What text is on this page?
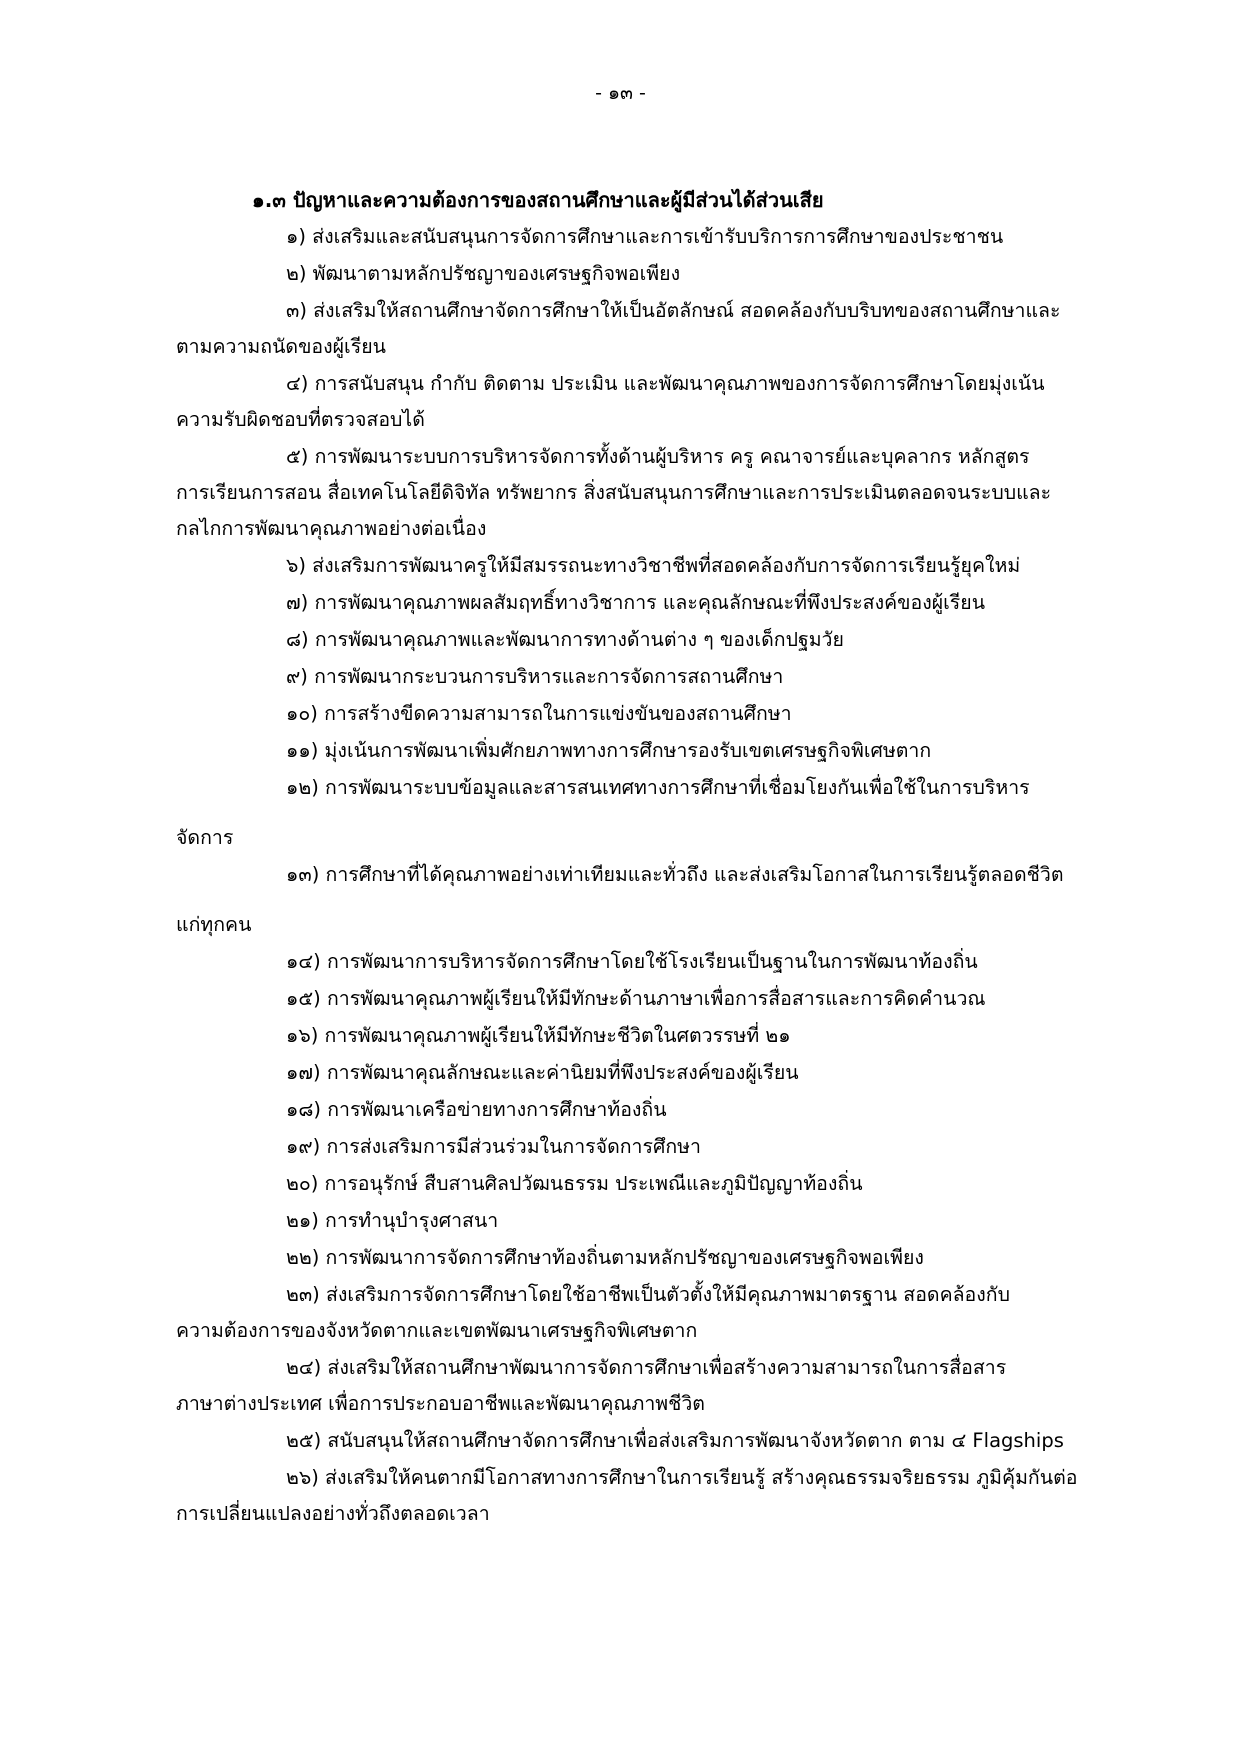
- ๑๓ -
๑.๓ ปัญหาและความต้องการของสถานศึกษาและผู้มีส่วนได้ส่วนเสีย
๑) ส่งเสริมและสนับสนุนการจัดการศึกษาและการเข้ารับบริการการศึกษาของประชาชน
๒) พัฒนาตามหลักปรัชญาของเศรษฐกิจพอเพียง
๓) ส่งเสริมให้สถานศึกษาจัดการศึกษาให้เป็นอัตลักษณ์ สอดคล้องกับบริบทของสถานศึกษาและ
ตามความถนัดของผู้เรียน
๔) การสนับสนุน กำกับ ติดตาม ประเมิน และพัฒนาคุณภาพของการจัดการศึกษาโดยมุ่งเน้น
ความรับผิดชอบที่ตรวจสอบได้
๕) การพัฒนาระบบการบริหารจัดการทั้งด้านผู้บริหาร ครู คณาจารย์และบุคลากร หลักสูตร
การเรียนการสอน สื่อเทคโนโลยีดิจิทัล ทรัพยากร สิ่งสนับสนุนการศึกษาและการประเมินตลอดจนระบบและ
กลไกการพัฒนาคุณภาพอย่างต่อเนื่อง
๖) ส่งเสริมการพัฒนาครูให้มีสมรรถนะทางวิชาชีพที่สอดคล้องกับการจัดการเรียนรู้ยุคใหม่
๗) การพัฒนาคุณภาพผลสัมฤทธิ์ทางวิชาการ และคุณลักษณะที่พึงประสงค์ของผู้เรียน
๘) การพัฒนาคุณภาพและพัฒนาการทางด้านต่าง ๆ ของเด็กปฐมวัย
๙) การพัฒนากระบวนการบริหารและการจัดการสถานศึกษา
๑๐) การสร้างขีดความสามารถในการแข่งขันของสถานศึกษา
๑๑) มุ่งเน้นการพัฒนาเพิ่มศักยภาพทางการศึกษารองรับเขตเศรษฐกิจพิเศษตาก
๑๒) การพัฒนาระบบข้อมูลและสารสนเทศทางการศึกษาที่เชื่อมโยงกันเพื่อใช้ในการบริหาร
จัดการ
๑๓) การศึกษาที่ได้คุณภาพอย่างเท่าเทียมและทั่วถึง และส่งเสริมโอกาสในการเรียนรู้ตลอดชีวิต
แก่ทุกคน
๑๔) การพัฒนาการบริหารจัดการศึกษาโดยใช้โรงเรียนเป็นฐานในการพัฒนาท้องถิ่น
๑๕) การพัฒนาคุณภาพผู้เรียนให้มีทักษะด้านภาษาเพื่อการสื่อสารและการคิดคำนวณ
๑๖) การพัฒนาคุณภาพผู้เรียนให้มีทักษะชีวิตในศตวรรษที่ ๒๑
๑๗) การพัฒนาคุณลักษณะและค่านิยมที่พึงประสงค์ของผู้เรียน
๑๘) การพัฒนาเครือข่ายทางการศึกษาท้องถิ่น
๑๙) การส่งเสริมการมีส่วนร่วมในการจัดการศึกษา
๒๐) การอนุรักษ์ สืบสานศิลปวัฒนธรรม ประเพณีและภูมิปัญญาท้องถิ่น
๒๑) การทำนุบำรุงศาสนา
๒๒) การพัฒนาการจัดการศึกษาท้องถิ่นตามหลักปรัชญาของเศรษฐกิจพอเพียง
๒๓) ส่งเสริมการจัดการศึกษาโดยใช้อาชีพเป็นตัวตั้งให้มีคุณภาพมาตรฐาน สอดคล้องกับ
ความต้องการของจังหวัดตากและเขตพัฒนาเศรษฐกิจพิเศษตาก
๒๔) ส่งเสริมให้สถานศึกษาพัฒนาการจัดการศึกษาเพื่อสร้างความสามารถในการสื่อสาร
ภาษาต่างประเทศ เพื่อการประกอบอาชีพและพัฒนาคุณภาพชีวิต
๒๕) สนับสนุนให้สถานศึกษาจัดการศึกษาเพื่อส่งเสริมการพัฒนาจังหวัดตาก ตาม ๔ Flagships
๒๖) ส่งเสริมให้คนตากมีโอกาสทางการศึกษาในการเรียนรู้ สร้างคุณธรรมจริยธรรม ภูมิคุ้มกันต่อ
การเปลี่ยนแปลงอย่างทั่วถึงตลอดเวลา
